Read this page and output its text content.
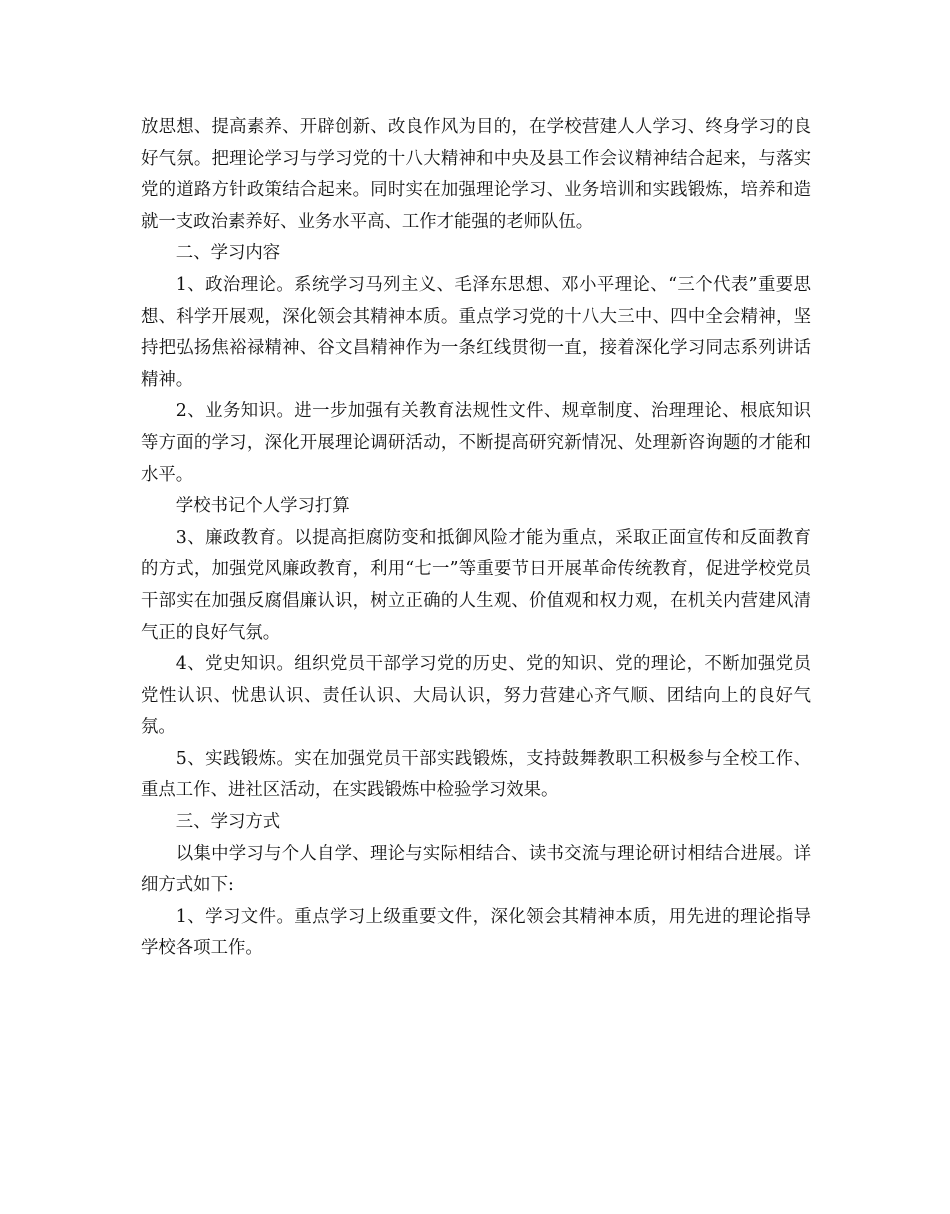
放思想、提高素养、开辟创新、改良作风为目的，在学校营建人人学习、终身学习的良好气氛。把理论学习与学习党的十八大精神和中央及县工作会议精神结合起来，与落实党的道路方针政策结合起来。同时实在加强理论学习、业务培训和实践锻炼，培养和造就一支政治素养好、业务水平高、工作才能强的老师队伍。

二、学习内容

1、政治理论。系统学习马列主义、毛泽东思想、邓小平理论、“三个代表”重要思想、科学开展观，深化领会其精神本质。重点学习党的十八大三中、四中全会精神，坚持把弘扬焦裕禄精神、谷文昌精神作为一条红线贯彻一直，接着深化学习同志系列讲话精神。

2、业务知识。进一步加强有关教育法规性文件、规章制度、治理理论、根底知识等方面的学习，深化开展理论调研活动，不断提高研究新情况、处理新咨询题的才能和水平。

学校书记个人学习打算

3、廉政教育。以提高拒腐防变和抵御风险才能为重点，采取正面宣传和反面教育的方式，加强党风廉政教育，利用“七一”等重要节日开展革命传统教育，促进学校党员干部实在加强反腐倡廉认识，树立正确的人生观、价值观和权力观，在机关内营建风清气正的良好气氛。

4、党史知识。组织党员干部学习党的历史、党的知识、党的理论，不断加强党员党性认识、忧患认识、责任认识、大局认识，努力营建心齐气顺、团结向上的良好气氛。

5、实践锻炼。实在加强党员干部实践锻炼，支持鼓舞教职工积极参与全校工作、重点工作、进社区活动，在实践锻炼中检验学习效果。

三、学习方式

以集中学习与个人自学、理论与实际相结合、读书交流与理论研讨相结合进展。详细方式如下:

1、学习文件。重点学习上级重要文件，深化领会其精神本质，用先进的理论指导学校各项工作。
